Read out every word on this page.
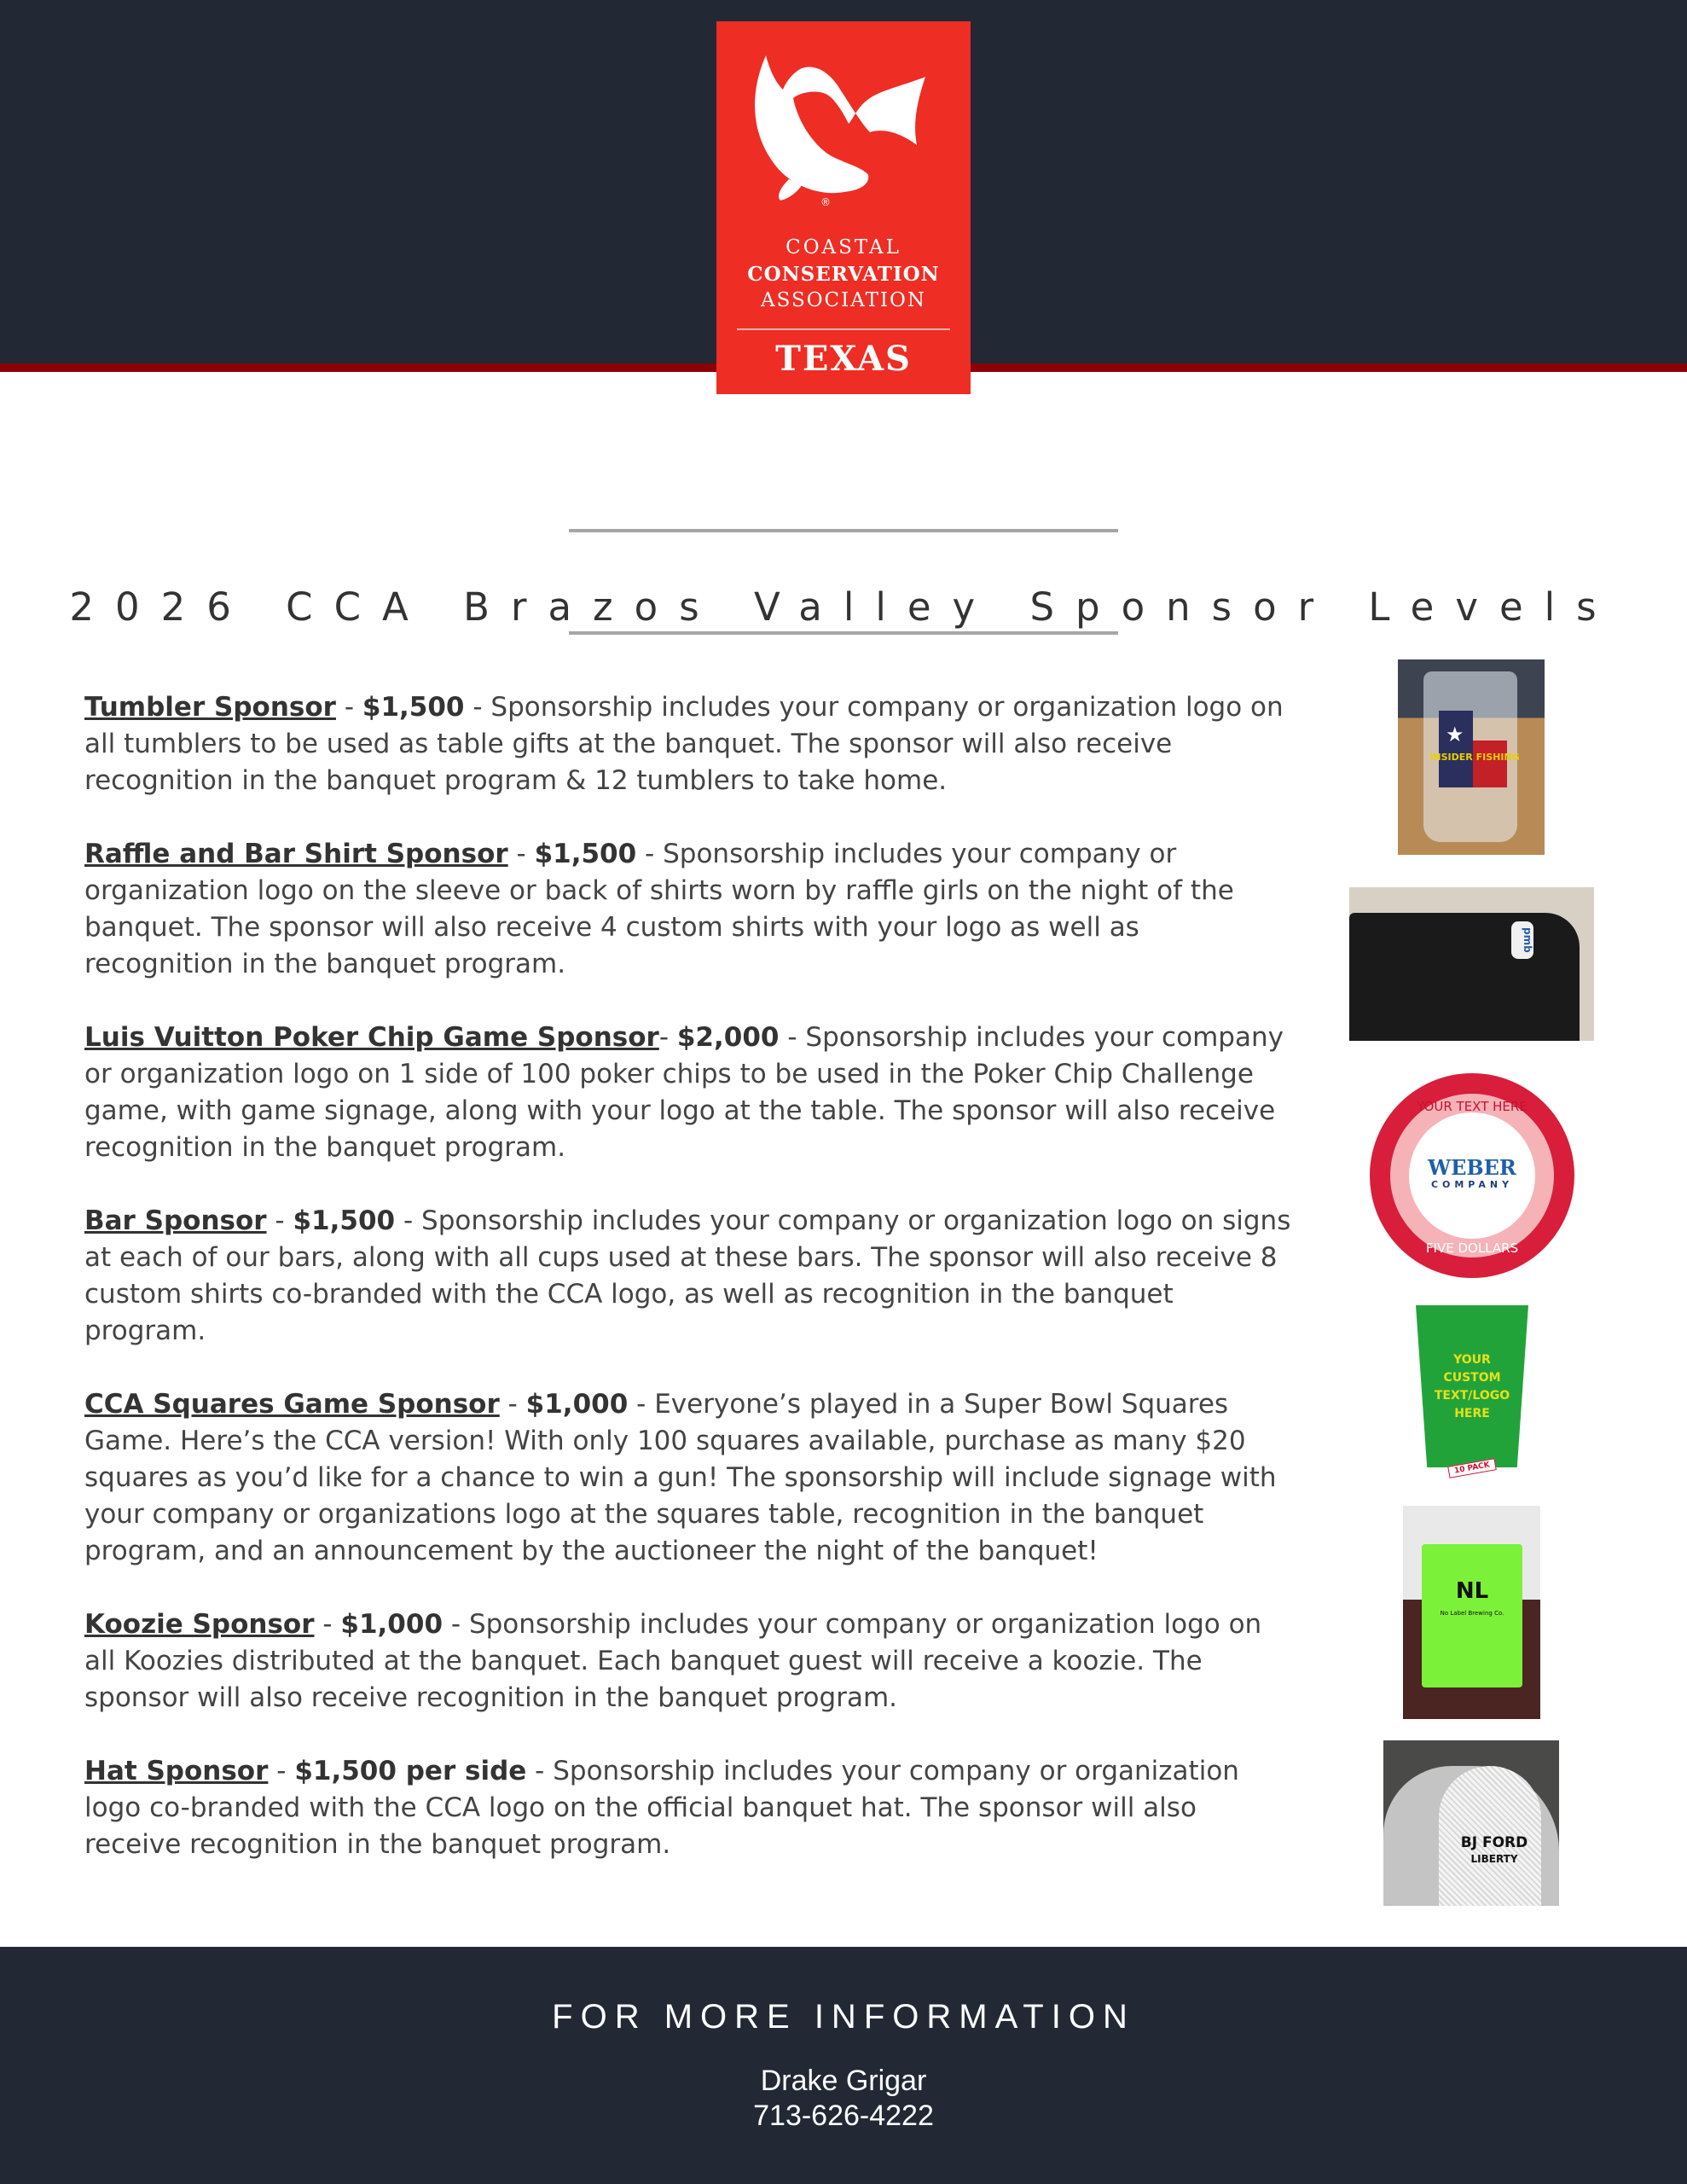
®
COASTAL
CONSERVATION
ASSOCIATION
TEXAS
2026 CCA Brazos Valley Sponsor Levels

Tumbler Sponsor - $1,500 - Sponsorship includes your company or organization logo on all tumblers to be used as table gifts at the banquet. The sponsor will also receive recognition in the banquet program & 12 tumblers to take home.

Raffle and Bar Shirt Sponsor - $1,500 - Sponsorship includes your company or organization logo on the sleeve or back of shirts worn by raffle girls on the night of the banquet. The sponsor will also receive 4 custom shirts with your logo as well as recognition in the banquet program.

Luis Vuitton Poker Chip Game Sponsor- $2,000 - Sponsorship includes your company or organization logo on 1 side of 100 poker chips to be used in the Poker Chip Challenge game, with game signage, along with your logo at the table. The sponsor will also receive recognition in the banquet program.

Bar Sponsor - $1,500 - Sponsorship includes your company or organization logo on signs at each of our bars, along with all cups used at these bars. The sponsor will also receive 8 custom shirts co-branded with the CCA logo, as well as recognition in the banquet program.

CCA Squares Game Sponsor - $1,000 - Everyone’s played in a Super Bowl Squares Game. Here’s the CCA version! With only 100 squares available, purchase as many $20 squares as you’d like for a chance to win a gun! The sponsorship will include signage with your company or organizations logo at the squares table, recognition in the banquet program, and an announcement by the auctioneer the night of the banquet!

Koozie Sponsor - $1,000 - Sponsorship includes your company or organization logo on all Koozies distributed at the banquet. Each banquet guest will receive a koozie. The sponsor will also receive recognition in the banquet program.

Hat Sponsor - $1,500 per side - Sponsorship includes your company or organization logo co-branded with the CCA logo on the official banquet hat. The sponsor will also receive recognition in the banquet program.

★
INSIDER FISHING
pmb
YOUR TEXT HERE
WEBER
COMPANY
FIVE DOLLARS
YOUR
CUSTOM
TEXT/LOGO
HERE
10 PACK
NL
No Label Brewing Co.
BJ FORD
LIBERTY
FOR MORE INFORMATION
Drake Grigar
713-626-4222
